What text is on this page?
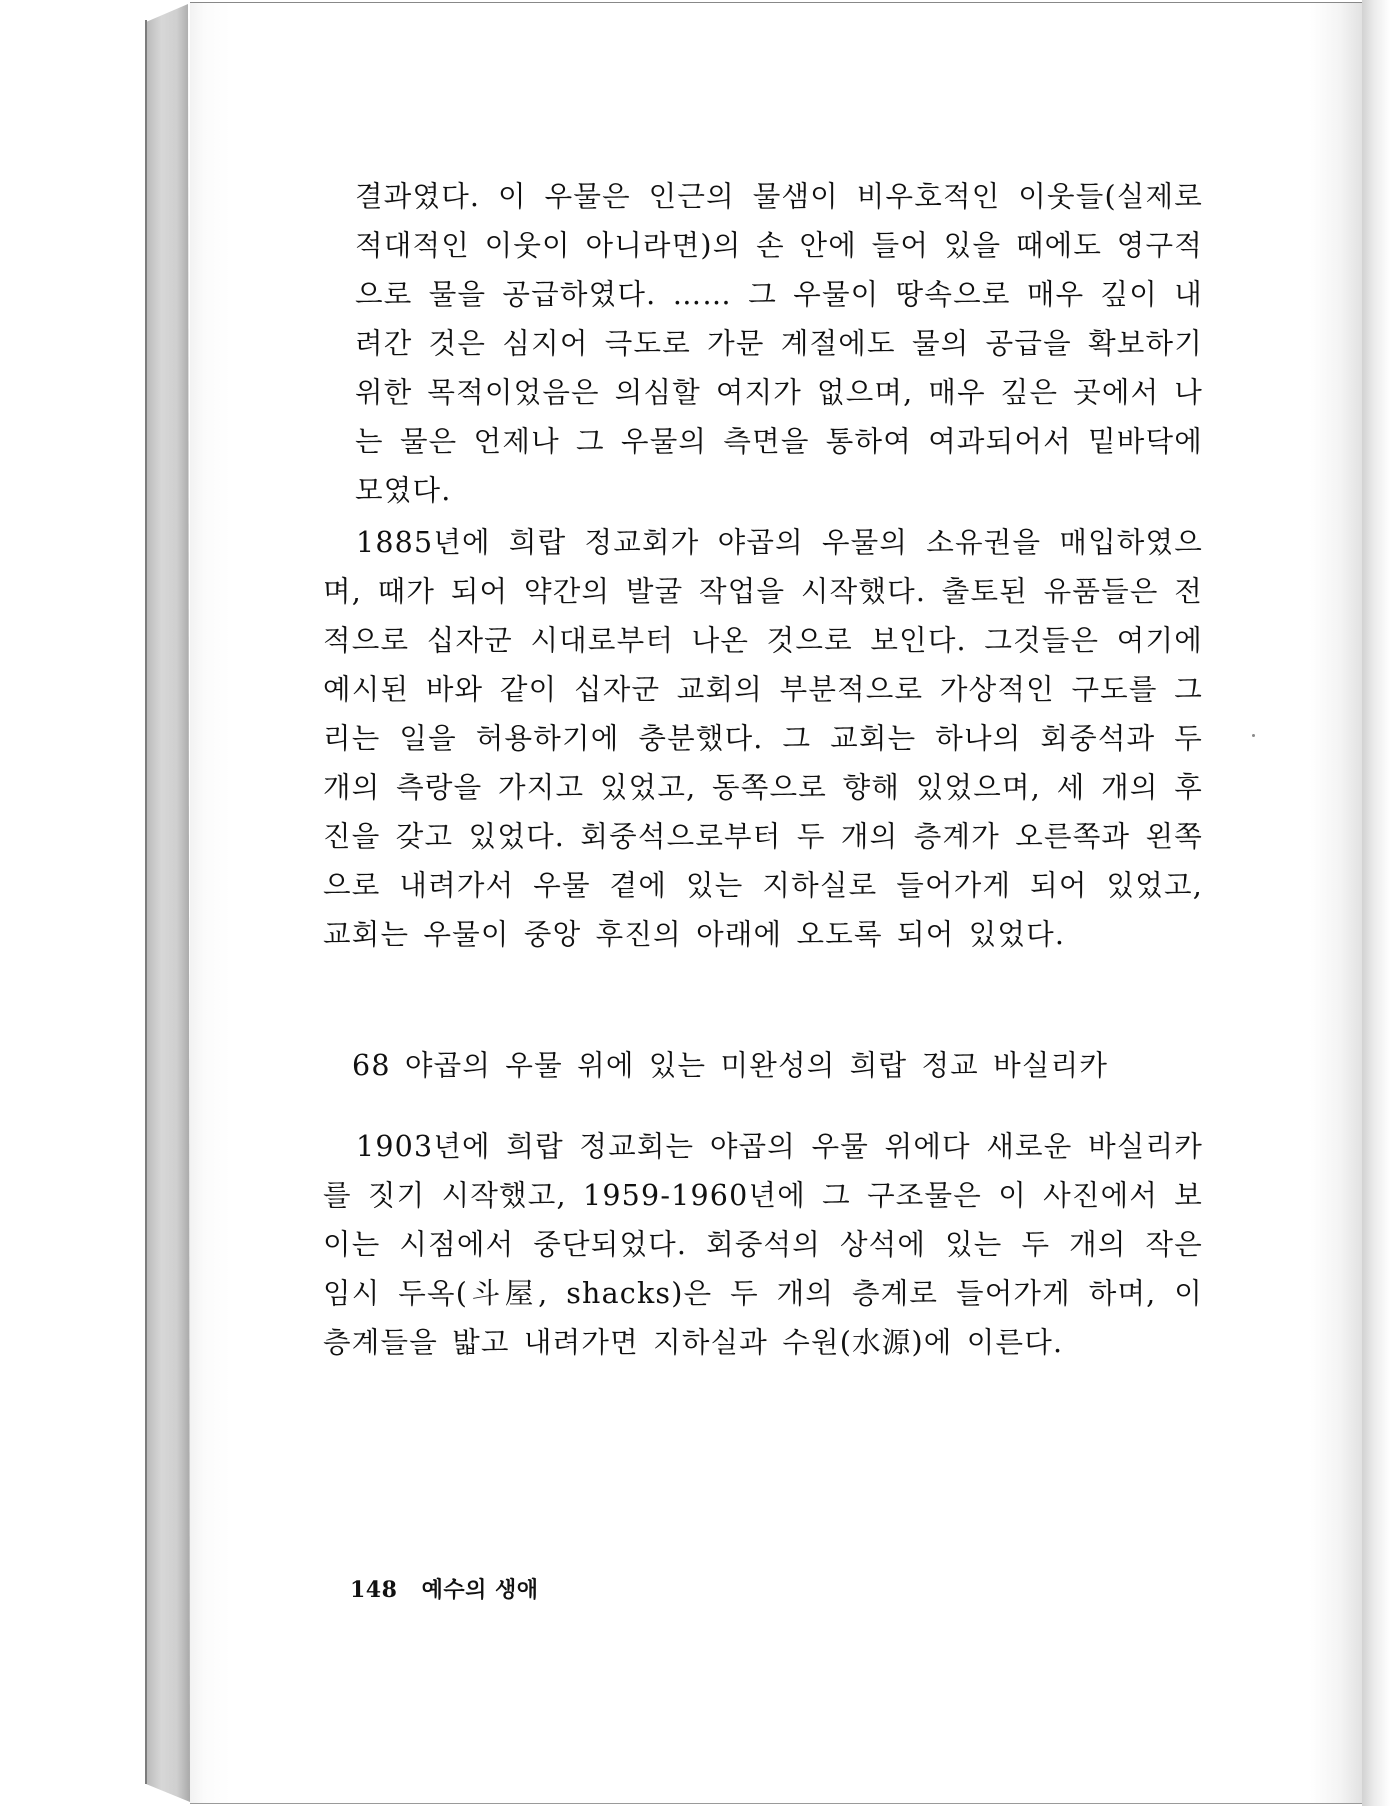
결과였다. 이 우물은 인근의 물샘이 비우호적인 이웃들(실제로 적대적인 이웃이 아니라면)의 손 안에 들어 있을 때에도 영구적으로 물을 공급하였다. …… 그 우물이 땅속으로 매우 깊이 내려간 것은 심지어 극도로 가문 계절에도 물의 공급을 확보하기 위한 목적이었음은 의심할 여지가 없으며, 매우 깊은 곳에서 나는 물은 언제나 그 우물의 측면을 통하여 여과되어서 밑바닥에 모였다.
1885년에 희랍 정교회가 야곱의 우물의 소유권을 매입하였으며, 때가 되어 약간의 발굴 작업을 시작했다. 출토된 유품들은 전적으로 십자군 시대로부터 나온 것으로 보인다. 그것들은 여기에 예시된 바와 같이 십자군 교회의 부분적으로 가상적인 구도를 그리는 일을 허용하기에 충분했다. 그 교회는 하나의 회중석과 두 개의 측랑을 가지고 있었고, 동쪽으로 향해 있었으며, 세 개의 후진을 갖고 있었다. 회중석으로부터 두 개의 층계가 오른쪽과 왼쪽으로 내려가서 우물 곁에 있는 지하실로 들어가게 되어 있었고, 교회는 우물이 중앙 후진의 아래에 오도록 되어 있었다.
68 야곱의 우물 위에 있는 미완성의 희랍 정교 바실리카
1903년에 희랍 정교회는 야곱의 우물 위에다 새로운 바실리카를 짓기 시작했고, 1959-1960년에 그 구조물은 이 사진에서 보이는 시점에서 중단되었다. 회중석의 상석에 있는 두 개의 작은 임시 두옥(斗屋, shacks)은 두 개의 층계로 들어가게 하며, 이 층계들을 밟고 내려가면 지하실과 수원(水源)에 이른다.
148 예수의 생애
